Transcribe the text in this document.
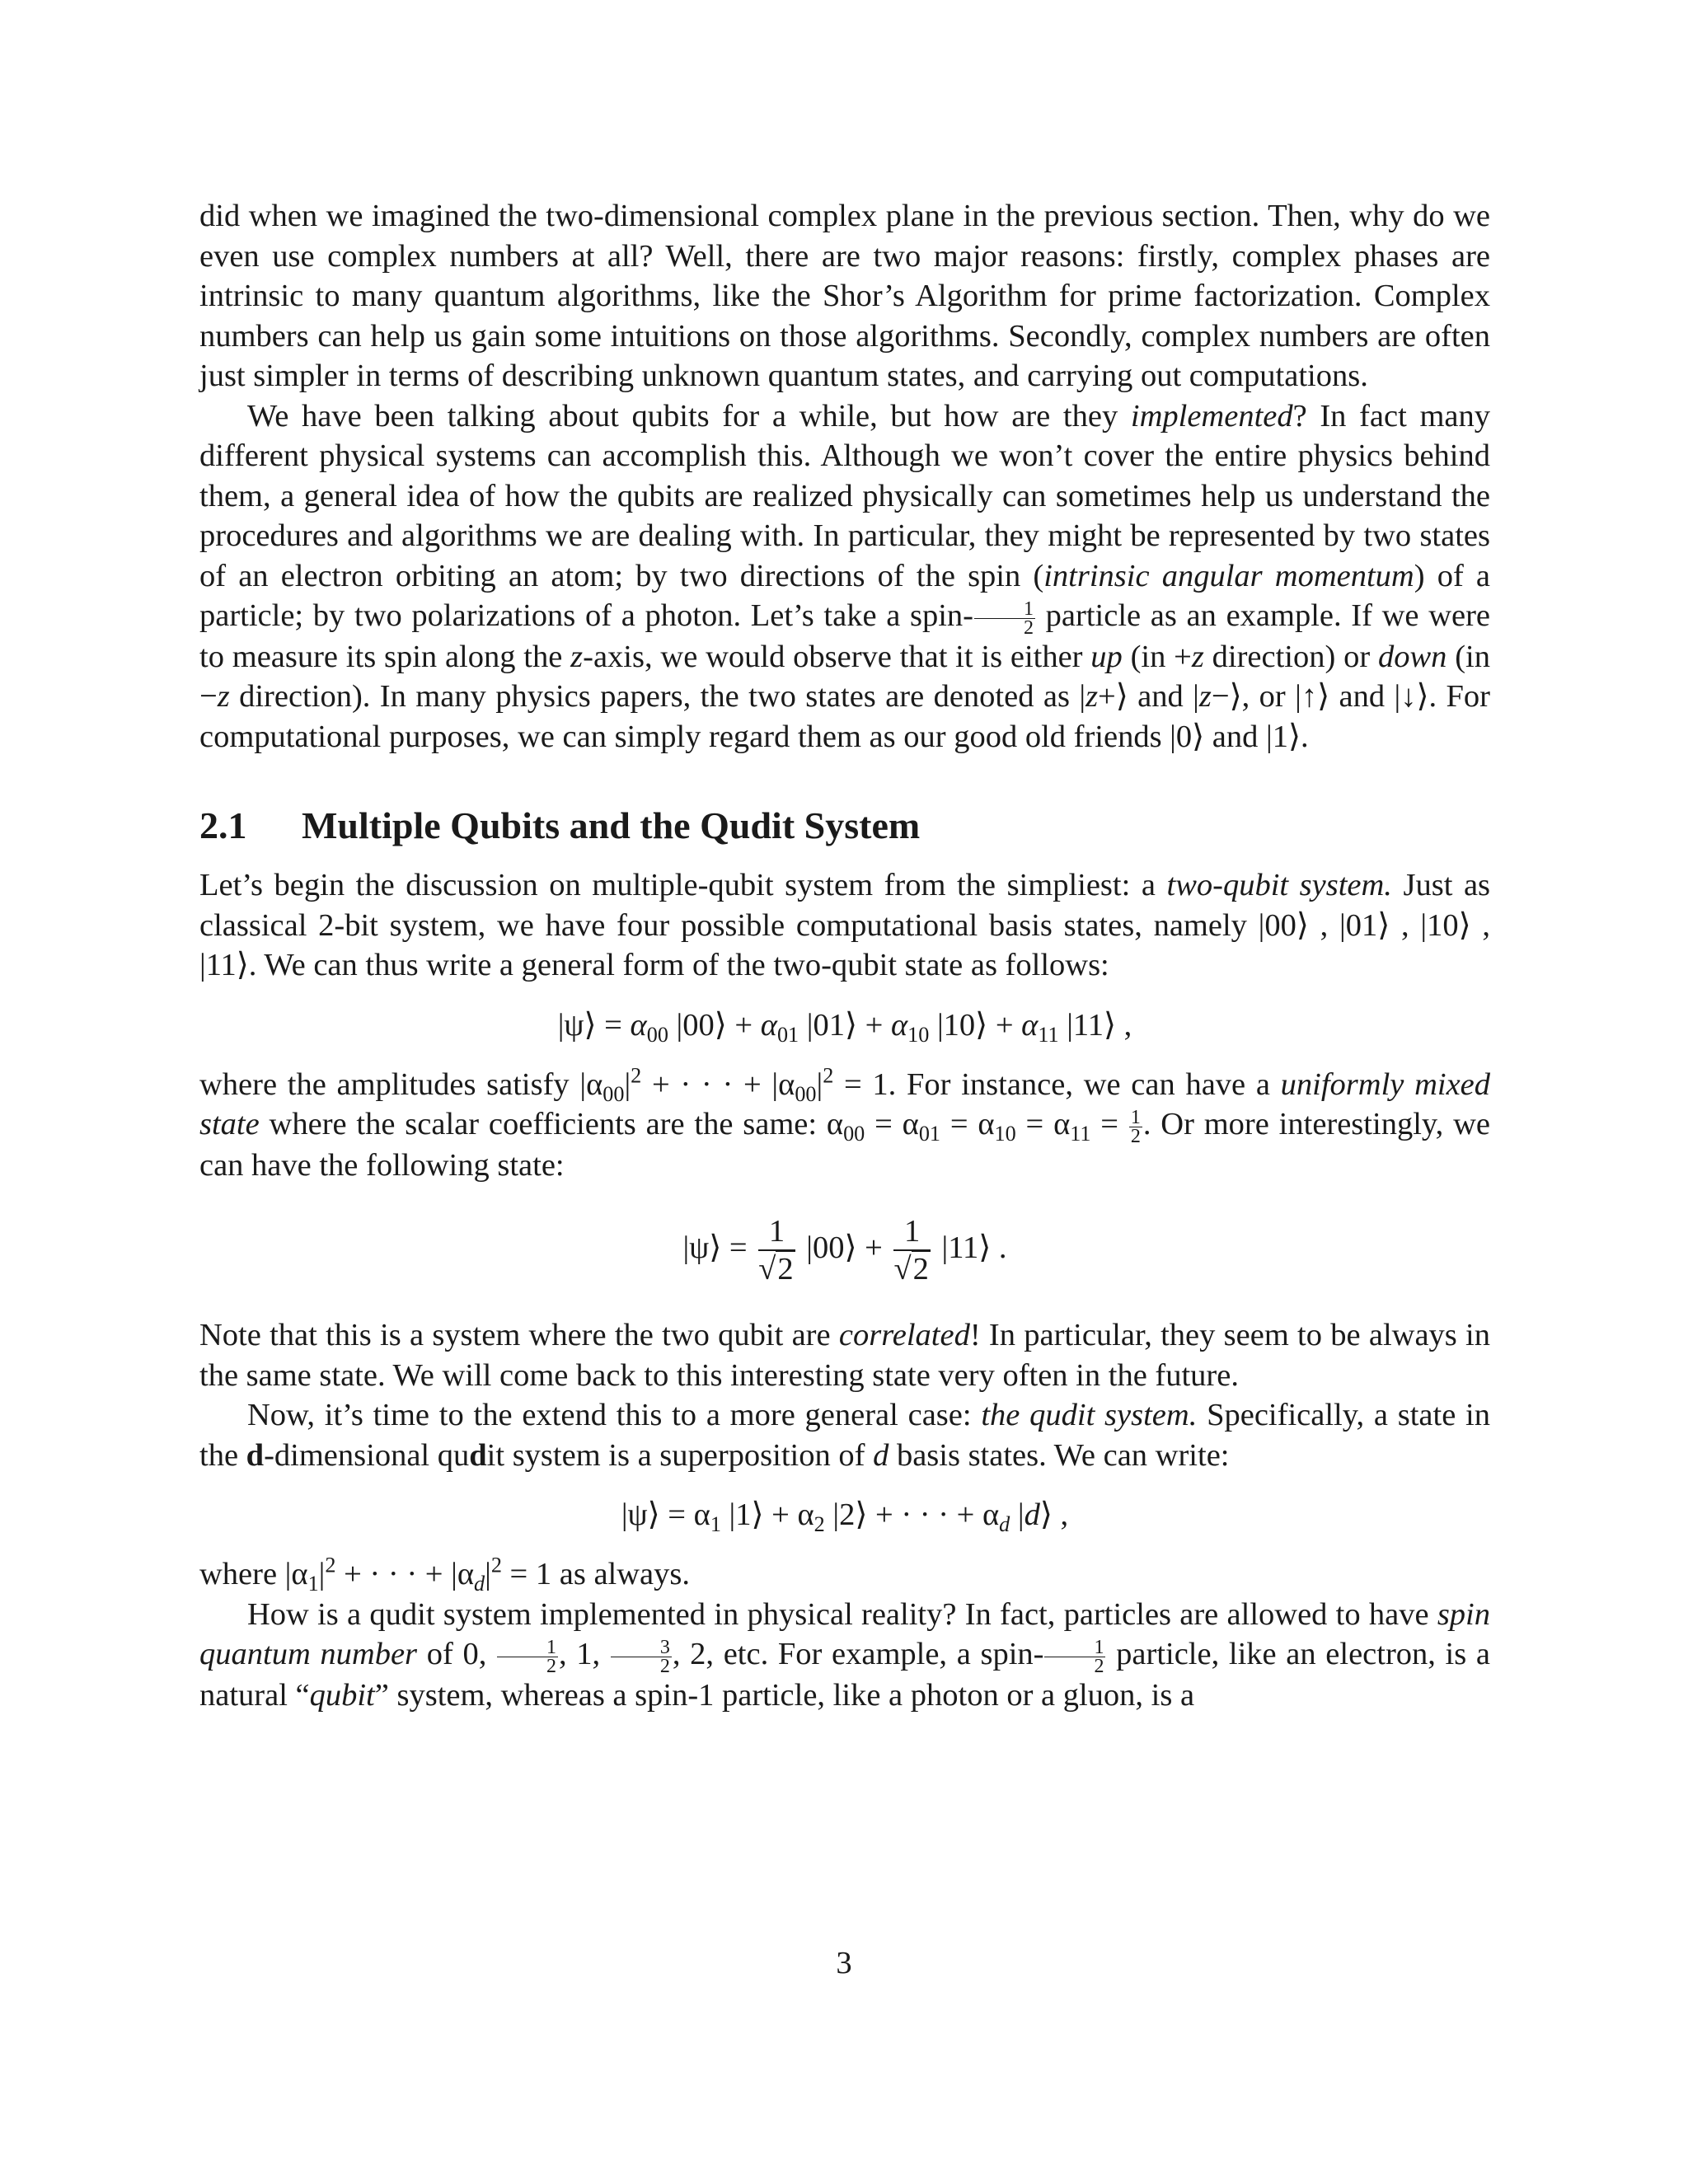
did when we imagined the two-dimensional complex plane in the previous section. Then, why do we even use complex numbers at all? Well, there are two major reasons: firstly, complex phases are intrinsic to many quantum algorithms, like the Shor’s Algorithm for prime factorization. Complex numbers can help us gain some intuitions on those algorithms. Secondly, complex numbers are often just simpler in terms of describing unknown quantum states, and carrying out computations.

We have been talking about qubits for a while, but how are they implemented? In fact many different physical systems can accomplish this. Although we won’t cover the entire physics behind them, a general idea of how the qubits are realized physically can sometimes help us understand the procedures and algorithms we are dealing with. In particular, they might be represented by two states of an electron orbiting an atom; by two directions of the spin (intrinsic angular momentum) of a particle; by two polarizations of a photon. Let’s take a spin- $\frac{1}{2}$ particle as an example. If we were to measure its spin along the z-axis, we would observe that it is either up (in +z direction) or down (in −z direction). In many physics papers, the two states are denoted as |z+⟩ and |z−⟩, or |↑⟩ and |↓⟩. For computational purposes, we can simply regard them as our good old friends |0⟩ and |1⟩.

2.1 Multiple Qubits and the Qudit System

Let’s begin the discussion on multiple-qubit system from the simpliest: a two-qubit system. Just as classical 2-bit system, we have four possible computational basis states, namely |00⟩ , |01⟩ , |10⟩ , |11⟩. We can thus write a general form of the two-qubit state as follows:

|ψ⟩ = $\alpha_{00}$ |00⟩ + $\alpha_{01}$ |01⟩ + $\alpha_{10}$ |10⟩ + $\alpha_{11}$ |11⟩ ,

where the amplitudes satisfy $|\alpha_{00}|^2$ + · · · + $|\alpha_{00}|^2 = 1$. For instance, we can have a uniformly mixed state where the scalar coefficients are the same: $\alpha_{00} = \alpha_{01} = \alpha_{10} = \alpha_{11} = \frac{1}{2}$ . Or more interestingly, we can have the following state:

|ψ⟩ = $\frac{1}{√2}$ |00⟩ + $\frac{1}{√2}$ |11⟩ .

Note that this is a system where the two qubit are correlated! In particular, they seem to be always in the same state. We will come back to this interesting state very often in the future.

Now, it’s time to the extend this to a more general case: the qudit system. Specifically, a state in the d-dimensional qudit system is a superposition of d basis states. We can write:

|ψ⟩ = $\alpha_1$ |1⟩ + $\alpha_2$ |2⟩ + · · · + $\alpha_d$ |d⟩ ,

where $|\alpha_1|^2$ + · · · + $|\alpha_d|^2 = 1$ as always.

How is a qudit system implemented in physical reality? In fact, particles are allowed to have spin quantum number of 0, $\frac{1}{2}$ , 1, $\frac{3}{2}$ , 2, etc. For example, a spin- $\frac{1}{2}$ particle, like an electron, is a natural “qubit” system, whereas a spin-1 particle, like a photon or a gluon, is a

3
